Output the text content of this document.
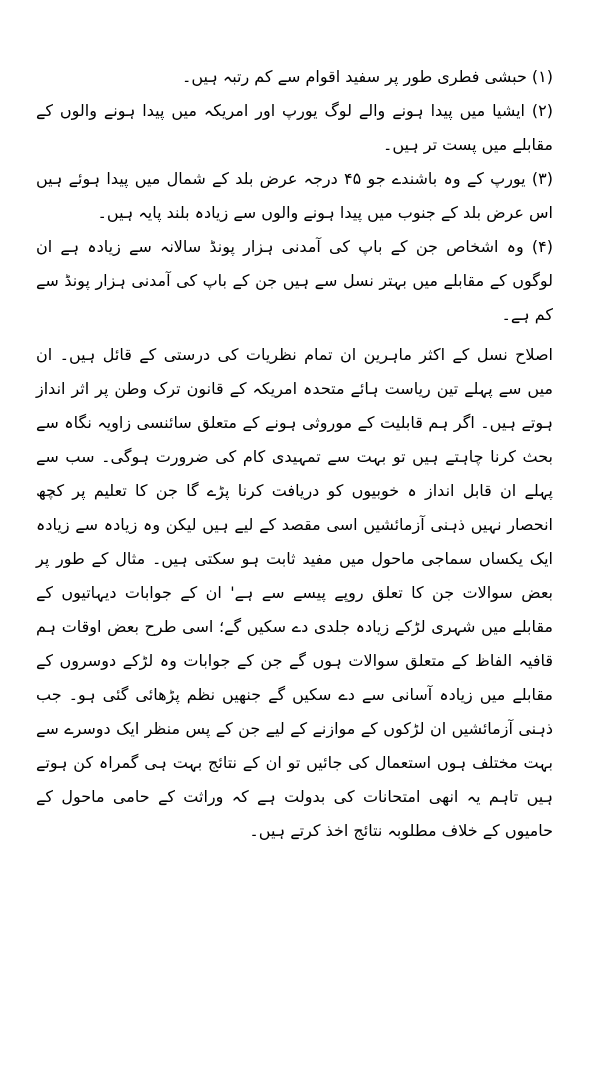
(۱) حبشی فطری طور پر سفید اقوام سے کم رتبہ ہیں۔

(۲) ایشیا میں پیدا ہونے والے لوگ یورپ اور امریکہ میں پیدا ہونے والوں کے مقابلے میں پست تر ہیں۔

(۳) یورپ کے وہ باشندے جو ۴۵ درجہ عرض بلد کے شمال میں پیدا ہوئے ہیں اس عرض بلد کے جنوب میں پیدا ہونے والوں سے زیادہ بلند پایہ ہیں۔

(۴) وہ اشخاص جن کے باپ کی آمدنی ہزار پونڈ سالانہ سے زیادہ ہے ان لوگوں کے مقابلے میں بہتر نسل سے ہیں جن کے باپ کی آمدنی ہزار پونڈ سے کم ہے۔

اصلاح نسل کے اکثر ماہرین ان تمام نظریات کی درستی کے قائل ہیں۔ ان میں سے پہلے تین ریاست ہائے متحدہ امریکہ کے قانون ترک وطن پر اثر انداز ہوتے ہیں۔ اگر ہم قابلیت کے موروثی ہونے کے متعلق سائنسی زاویہ نگاہ سے بحث کرنا چاہتے ہیں تو بہت سے تمہیدی کام کی ضرورت ہوگی۔ سب سے پہلے ان قابل انداز ہ خوبیوں کو دریافت کرنا پڑے گا جن کا تعلیم پر کچھ انحصار نہیں ذہنی آزمائشیں اسی مقصد کے لیے ہیں لیکن وہ زیادہ سے زیادہ ایک یکساں سماجی ماحول میں مفید ثابت ہو سکتی ہیں۔ مثال کے طور پر بعض سوالات جن کا تعلق روپے پیسے سے ہے' ان کے جوابات دیہاتیوں کے مقابلے میں شہری لڑکے زیادہ جلدی دے سکیں گے؛ اسی طرح بعض اوقات ہم قافیہ الفاظ کے متعلق سوالات ہوں گے جن کے جوابات وہ لڑکے دوسروں کے مقابلے میں زیادہ آسانی سے دے سکیں گے جنھیں نظم پڑھائی گئی ہو۔ جب ذہنی آزمائشیں ان لڑکوں کے موازنے کے لیے جن کے پس منظر ایک دوسرے سے بہت مختلف ہوں استعمال کی جائیں تو ان کے نتائج بہت ہی گمراہ کن ہوتے ہیں تاہم یہ انھی امتحانات کی بدولت ہے کہ وراثت کے حامی ماحول کے حامیوں کے خلاف مطلوبہ نتائج اخذ کرتے ہیں۔
